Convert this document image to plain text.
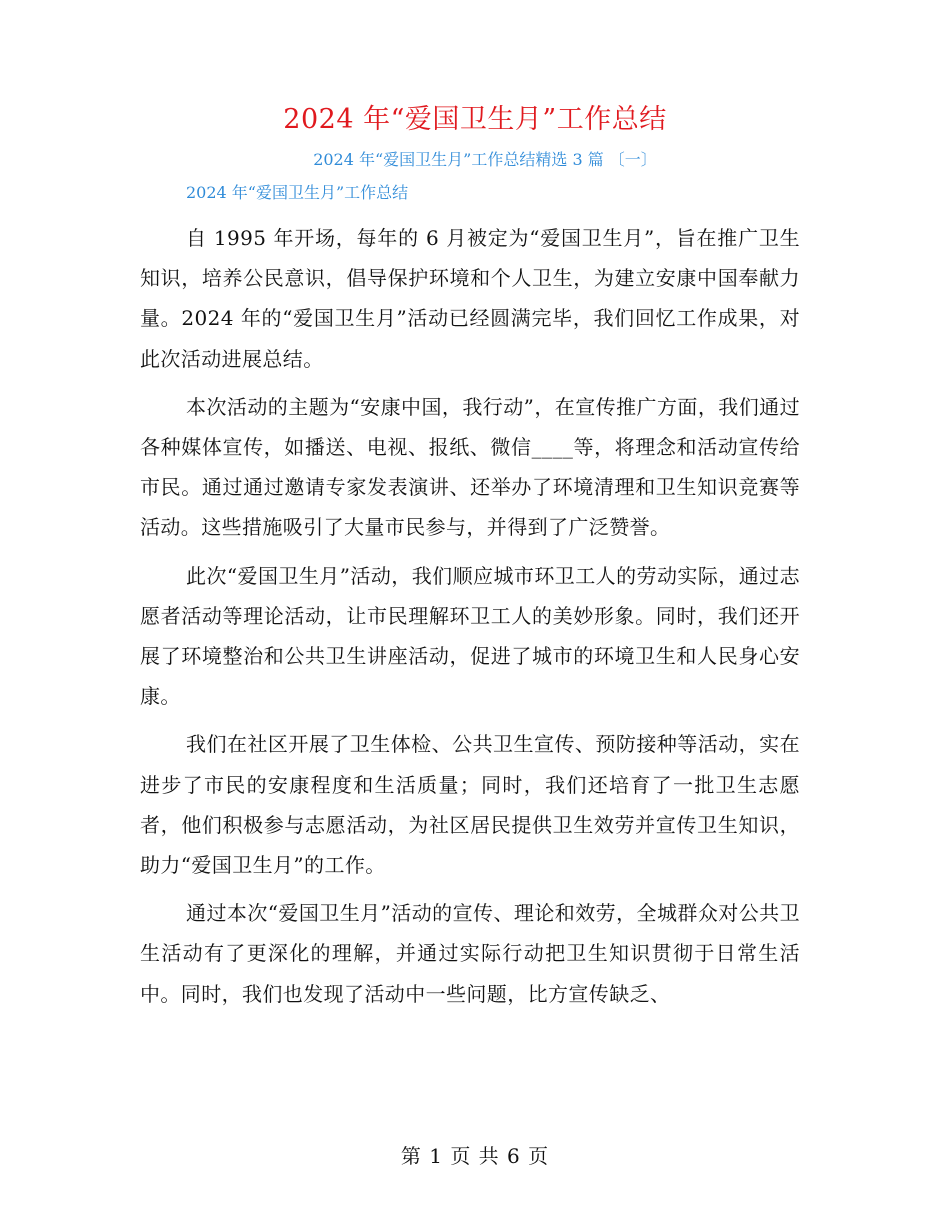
2024 年“爱国卫生月”工作总结
2024 年“爱国卫生月”工作总结精选 3 篇 〔一〕
2024 年“爱国卫生月”工作总结

自 1995 年开场，每年的 6 月被定为“爱国卫生月”，旨在推广卫生知识，培养公民意识，倡导保护环境和个人卫生，为建立安康中国奉献力量。2024 年的“爱国卫生月”活动已经圆满完毕，我们回忆工作成果，对此次活动进展总结。

本次活动的主题为“安康中国，我行动”，在宣传推广方面，我们通过各种媒体宣传，如播送、电视、报纸、微信____等，将理念和活动宣传给市民。通过通过邀请专家发表演讲、还举办了环境清理和卫生知识竞赛等活动。这些措施吸引了大量市民参与，并得到了广泛赞誉。

此次“爱国卫生月”活动，我们顺应城市环卫工人的劳动实际，通过志愿者活动等理论活动，让市民理解环卫工人的美妙形象。同时，我们还开展了环境整治和公共卫生讲座活动，促进了城市的环境卫生和人民身心安康。

我们在社区开展了卫生体检、公共卫生宣传、预防接种等活动，实在进步了市民的安康程度和生活质量；同时，我们还培育了一批卫生志愿者，他们积极参与志愿活动，为社区居民提供卫生效劳并宣传卫生知识，助力“爱国卫生月”的工作。

通过本次“爱国卫生月”活动的宣传、理论和效劳，全城群众对公共卫生活动有了更深化的理解，并通过实际行动把卫生知识贯彻于日常生活中。同时，我们也发现了活动中一些问题，比方宣传缺乏、

第 1 页 共 6 页
